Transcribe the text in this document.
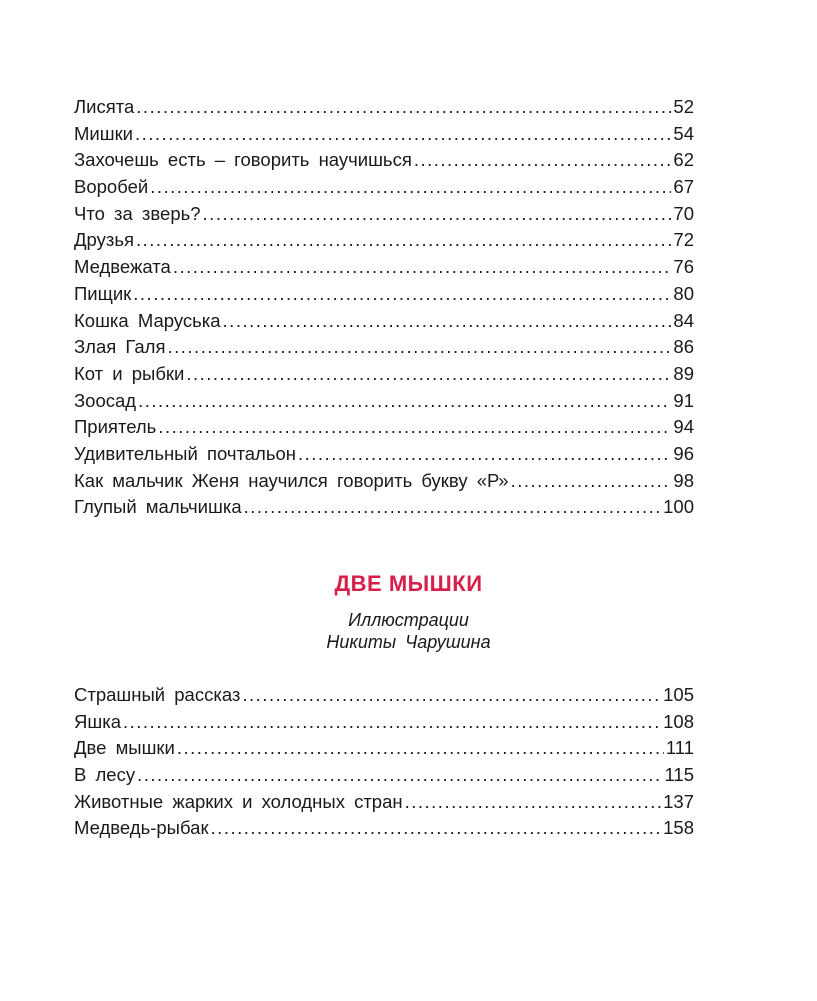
Лисята .....	52
Мишки .....	54
Захочешь есть – говорить научишься .....	62
Воробей .....	67
Что за зверь? .....	70
Друзья .....	72
Медвежата .....	76
Пищик .....	80
Кошка Маруська .....	84
Злая Галя .....	86
Кот и рыбки .....	89
Зоосад .....	91
Приятель .....	94
Удивительный почтальон .....	96
Как мальчик Женя научился говорить букву «Р» .....	98
Глупый мальчишка .....	100
ДВЕ МЫШКИ
Иллюстрации
Никиты Чарушина
Страшный рассказ .....	105
Яшка .....	108
Две мышки .....	111
В лесу .....	115
Животные жарких и холодных стран .....	137
Медведь-рыбак .....	158
